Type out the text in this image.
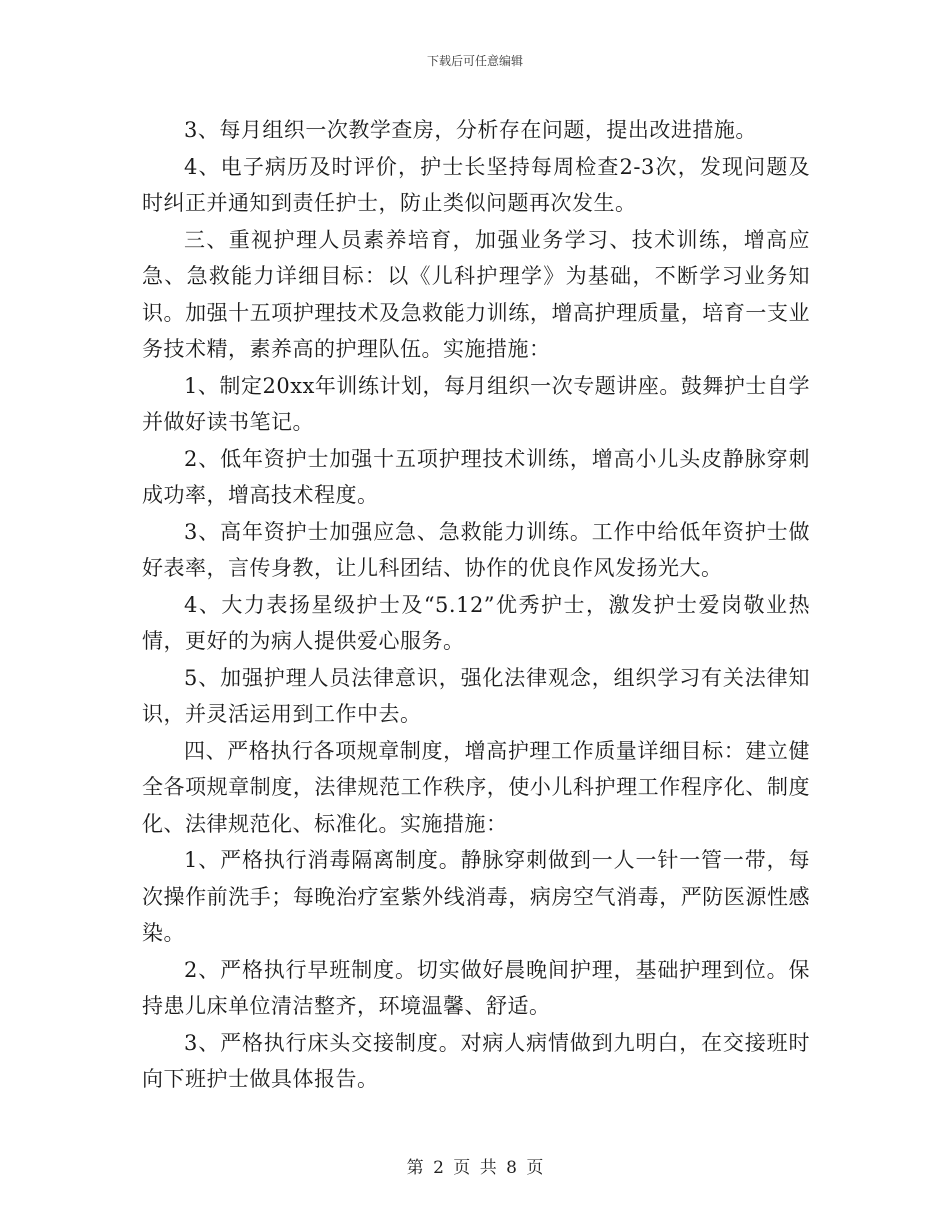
下载后可任意编辑

3、每月组织一次教学查房，分析存在问题，提出改进措施。

4、电子病历及时评价，护士长坚持每周检查2-3次，发现问题及时纠正并通知到责任护士，防止类似问题再次发生。

三、重视护理人员素养培育，加强业务学习、技术训练，增高应急、急救能力详细目标：以《儿科护理学》为基础，不断学习业务知识。加强十五项护理技术及急救能力训练，增高护理质量，培育一支业务技术精，素养高的护理队伍。实施措施：

1、制定20xx年训练计划，每月组织一次专题讲座。鼓舞护士自学并做好读书笔记。

2、低年资护士加强十五项护理技术训练，增高小儿头皮静脉穿刺成功率，增高技术程度。

3、高年资护士加强应急、急救能力训练。工作中给低年资护士做好表率，言传身教，让儿科团结、协作的优良作风发扬光大。

4、大力表扬星级护士及“5.12”优秀护士，激发护士爱岗敬业热情，更好的为病人提供爱心服务。

5、加强护理人员法律意识，强化法律观念，组织学习有关法律知识，并灵活运用到工作中去。

四、严格执行各项规章制度，增高护理工作质量详细目标：建立健全各项规章制度，法律规范工作秩序，使小儿科护理工作程序化、制度化、法律规范化、标准化。实施措施：

1、严格执行消毒隔离制度。静脉穿刺做到一人一针一管一带，每次操作前洗手；每晚治疗室紫外线消毒，病房空气消毒，严防医源性感染。

2、严格执行早班制度。切实做好晨晚间护理，基础护理到位。保持患儿床单位清洁整齐，环境温馨、舒适。

3、严格执行床头交接制度。对病人病情做到九明白，在交接班时向下班护士做具体报告。

第 2 页 共 8 页
